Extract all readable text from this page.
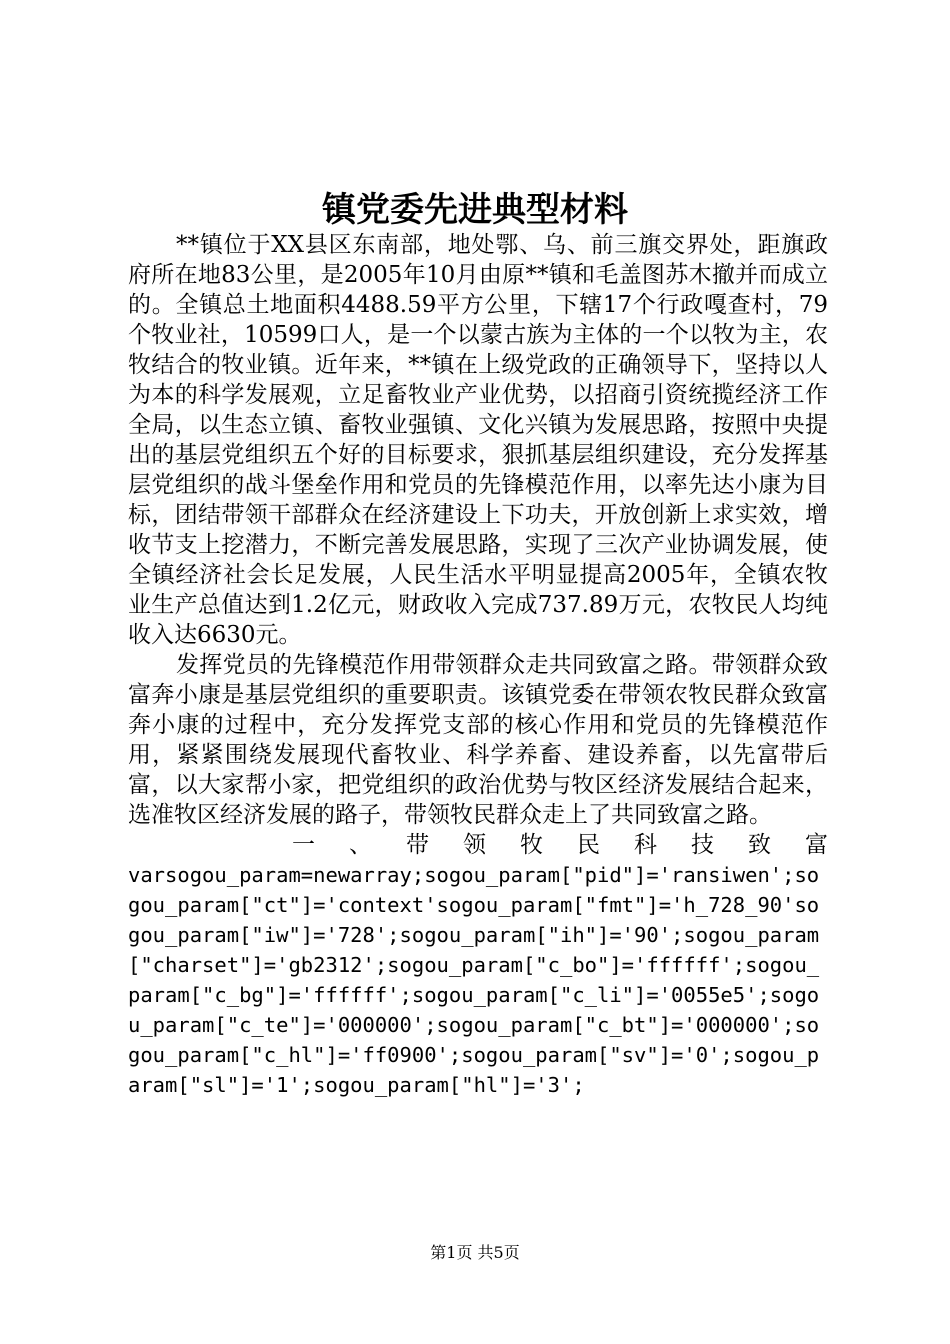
镇党委先进典型材料

**镇位于XX县区东南部，地处鄂、乌、前三旗交界处，距旗政府所在地83公里，是2005年10月由原**镇和毛盖图苏木撤并而成立的。全镇总土地面积4488.59平方公里，下辖17个行政嘎查村，79个牧业社，10599口人，是一个以蒙古族为主体的一个以牧为主，农牧结合的牧业镇。近年来，**镇在上级党政的正确领导下，坚持以人为本的科学发展观，立足畜牧业产业优势，以招商引资统揽经济工作全局，以生态立镇、畜牧业强镇、文化兴镇为发展思路，按照中央提出的基层党组织五个好的目标要求，狠抓基层组织建设，充分发挥基层党组织的战斗堡垒作用和党员的先锋模范作用，以率先达小康为目标，团结带领干部群众在经济建设上下功夫，开放创新上求实效，增收节支上挖潜力，不断完善发展思路，实现了三次产业协调发展，使全镇经济社会长足发展，人民生活水平明显提高2005年，全镇农牧业生产总值达到1.2亿元，财政收入完成737.89万元，农牧民人均纯收入达6630元。

发挥党员的先锋模范作用带领群众走共同致富之路。带领群众致富奔小康是基层党组织的重要职责。该镇党委在带领农牧民群众致富奔小康的过程中，充分发挥党支部的核心作用和党员的先锋模范作用，紧紧围绕发展现代畜牧业、科学养畜、建设养畜，以先富带后富，以大家帮小家，把党组织的政治优势与牧区经济发展结合起来，选准牧区经济发展的路子，带领牧民群众走上了共同致富之路。

一、带领牧民科技致富

varsogou_param=newarray;sogou_param["pid"]='ransiwen';sogou_param["ct"]='context'sogou_param["fmt"]='h_728_90'sogou_param["iw"]='728';sogou_param["ih"]='90';sogou_param["charset"]='gb2312';sogou_param["c_bo"]='ffffff';sogou_param["c_bg"]='ffffff';sogou_param["c_li"]='0055e5';sogou_param["c_te"]='000000';sogou_param["c_bt"]='000000';sogou_param["c_hl"]='ff0900';sogou_param["sv"]='0';sogou_param["sl"]='1';sogou_param["hl"]='3';

第1页 共5页
